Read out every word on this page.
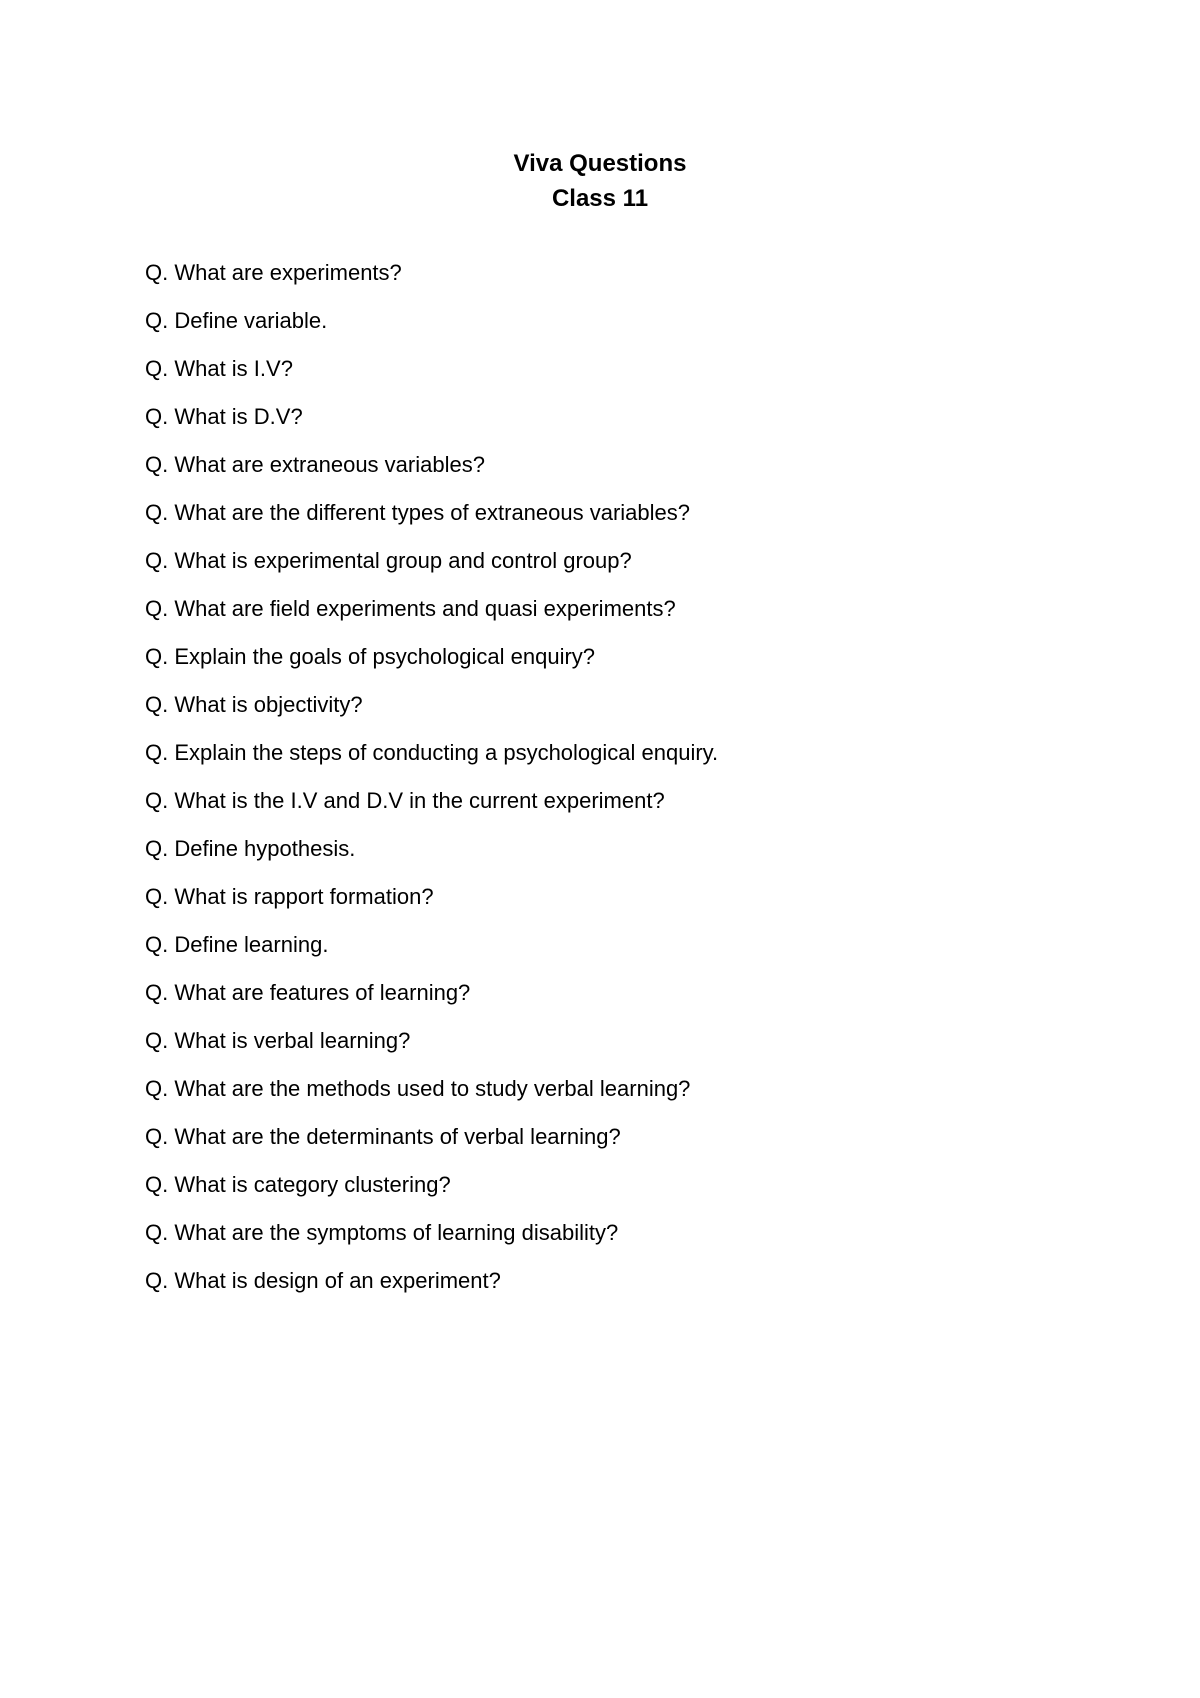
Viva Questions

Class 11

Q. What are experiments?
Q. Define variable.
Q. What is I.V?
Q. What is D.V?
Q. What are extraneous variables?
Q. What are the different types of extraneous variables?
Q. What is experimental group and control group?
Q. What are field experiments and quasi experiments?
Q. Explain the goals of psychological enquiry?
Q. What is objectivity?
Q. Explain the steps of conducting a psychological enquiry.
Q. What is the I.V and D.V in the current experiment?
Q. Define hypothesis.
Q. What is rapport formation?
Q. Define learning.
Q. What are features of learning?
Q. What is verbal learning?
Q. What are the methods used to study verbal learning?
Q. What are the determinants of verbal learning?
Q. What is category clustering?
Q. What are the symptoms of learning disability?
Q. What is design of an experiment?
